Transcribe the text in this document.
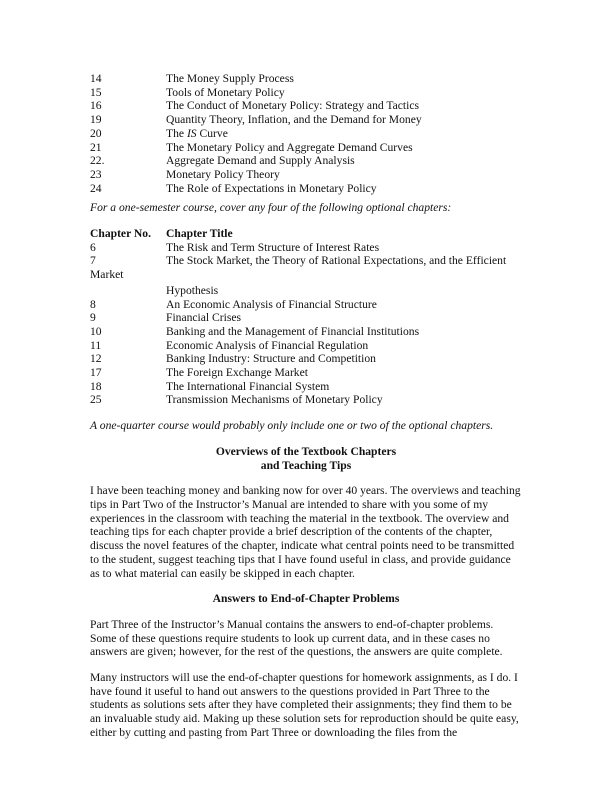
14	The Money Supply Process
15	Tools of Monetary Policy
16	The Conduct of Monetary Policy: Strategy and Tactics
19	Quantity Theory, Inflation, and the Demand for Money
20	The IS Curve
21	The Monetary Policy and Aggregate Demand Curves
22.	Aggregate Demand and Supply Analysis
23	Monetary Policy Theory
24	The Role of Expectations in Monetary Policy
For a one-semester course, cover any four of the following optional chapters:
Chapter No.	Chapter Title
6	The Risk and Term Structure of Interest Rates
7	The Stock Market, the Theory of Rational Expectations, and the Efficient
Market
Hypothesis
8	An Economic Analysis of Financial Structure
9	Financial Crises
10	Banking and the Management of Financial Institutions
11	Economic Analysis of Financial Regulation
12	Banking Industry: Structure and Competition
17	The Foreign Exchange Market
18	The International Financial System
25	Transmission Mechanisms of Monetary Policy
A one-quarter course would probably only include one or two of the optional chapters.
Overviews of the Textbook Chapters
and Teaching Tips

I have been teaching money and banking now for over 40 years. The overviews and teaching tips in Part Two of the Instructor’s Manual are intended to share with you some of my experiences in the classroom with teaching the material in the textbook. The overview and teaching tips for each chapter provide a brief description of the contents of the chapter, discuss the novel features of the chapter, indicate what central points need to be transmitted to the student, suggest teaching tips that I have found useful in class, and provide guidance as to what material can easily be skipped in each chapter.

Answers to End-of-Chapter Problems

Part Three of the Instructor’s Manual contains the answers to end-of-chapter problems. Some of these questions require students to look up current data, and in these cases no answers are given; however, for the rest of the questions, the answers are quite complete.

Many instructors will use the end-of-chapter questions for homework assignments, as I do. I have found it useful to hand out answers to the questions provided in Part Three to the students as solutions sets after they have completed their assignments; they find them to be an invaluable study aid. Making up these solution sets for reproduction should be quite easy, either by cutting and pasting from Part Three or downloading the files from the
